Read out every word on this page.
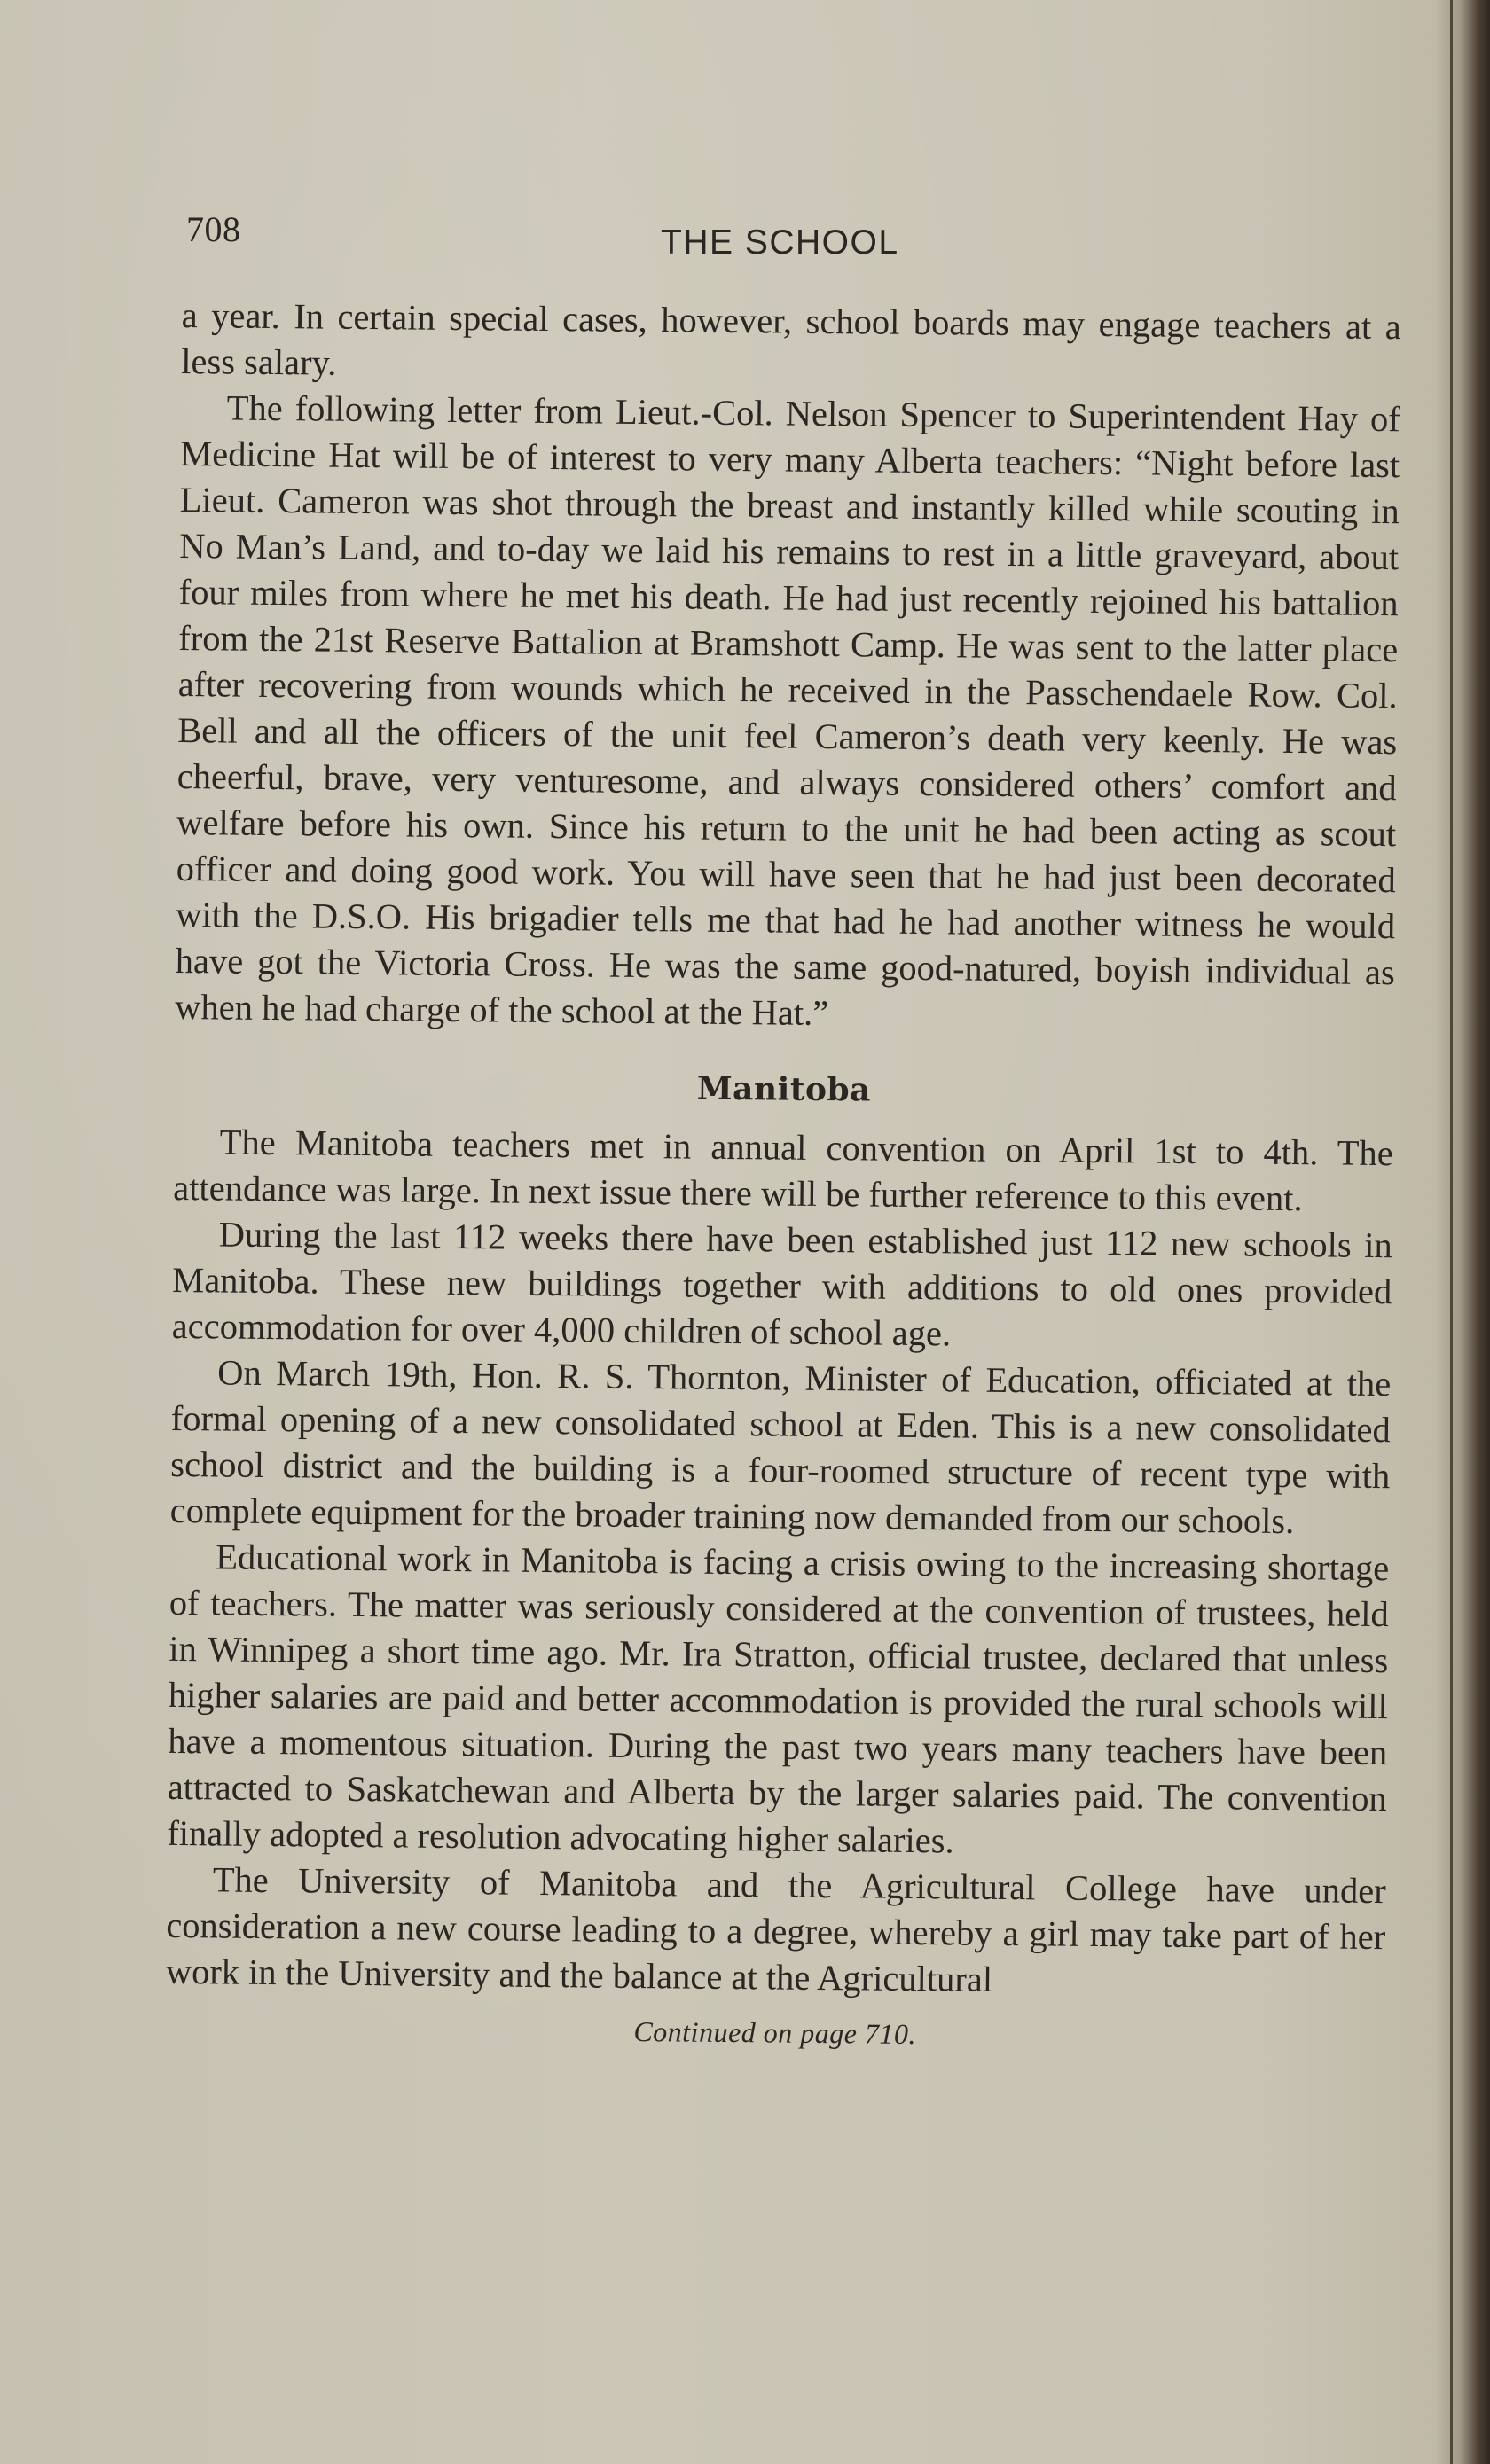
708	THE SCHOOL

a year. In certain special cases, however, school boards may engage teachers at a less salary.

The following letter from Lieut.-Col. Nelson Spencer to Superintendent Hay of Medicine Hat will be of interest to very many Alberta teachers: “Night before last Lieut. Cameron was shot through the breast and instantly killed while scouting in No Man’s Land, and to-day we laid his remains to rest in a little graveyard, about four miles from where he met his death. He had just recently rejoined his battalion from the 21st Reserve Battalion at Bramshott Camp. He was sent to the latter place after recovering from wounds which he received in the Passchendaele Row. Col. Bell and all the officers of the unit feel Cameron’s death very keenly. He was cheerful, brave, very venturesome, and always considered others’ comfort and welfare before his own. Since his return to the unit he had been acting as scout officer and doing good work. You will have seen that he had just been decorated with the D.S.O. His brigadier tells me that had he had another witness he would have got the Victoria Cross. He was the same good-natured, boyish individual as when he had charge of the school at the Hat.”

Manitoba

The Manitoba teachers met in annual convention on April 1st to 4th. The attendance was large. In next issue there will be further reference to this event.

During the last 112 weeks there have been established just 112 new schools in Manitoba. These new buildings together with additions to old ones provided accommodation for over 4,000 children of school age.

On March 19th, Hon. R. S. Thornton, Minister of Education, officiated at the formal opening of a new consolidated school at Eden. This is a new consolidated school district and the building is a four-roomed structure of recent type with complete equipment for the broader training now demanded from our schools.

Educational work in Manitoba is facing a crisis owing to the increasing shortage of teachers. The matter was seriously considered at the convention of trustees, held in Winnipeg a short time ago. Mr. Ira Stratton, official trustee, declared that unless higher salaries are paid and better accommodation is provided the rural schools will have a momentous situation. During the past two years many teachers have been attracted to Saskatchewan and Alberta by the larger salaries paid. The convention finally adopted a resolution advocating higher salaries.

The University of Manitoba and the Agricultural College have under consideration a new course leading to a degree, whereby a girl may take part of her work in the University and the balance at the Agricultural

Continued on page 710.
